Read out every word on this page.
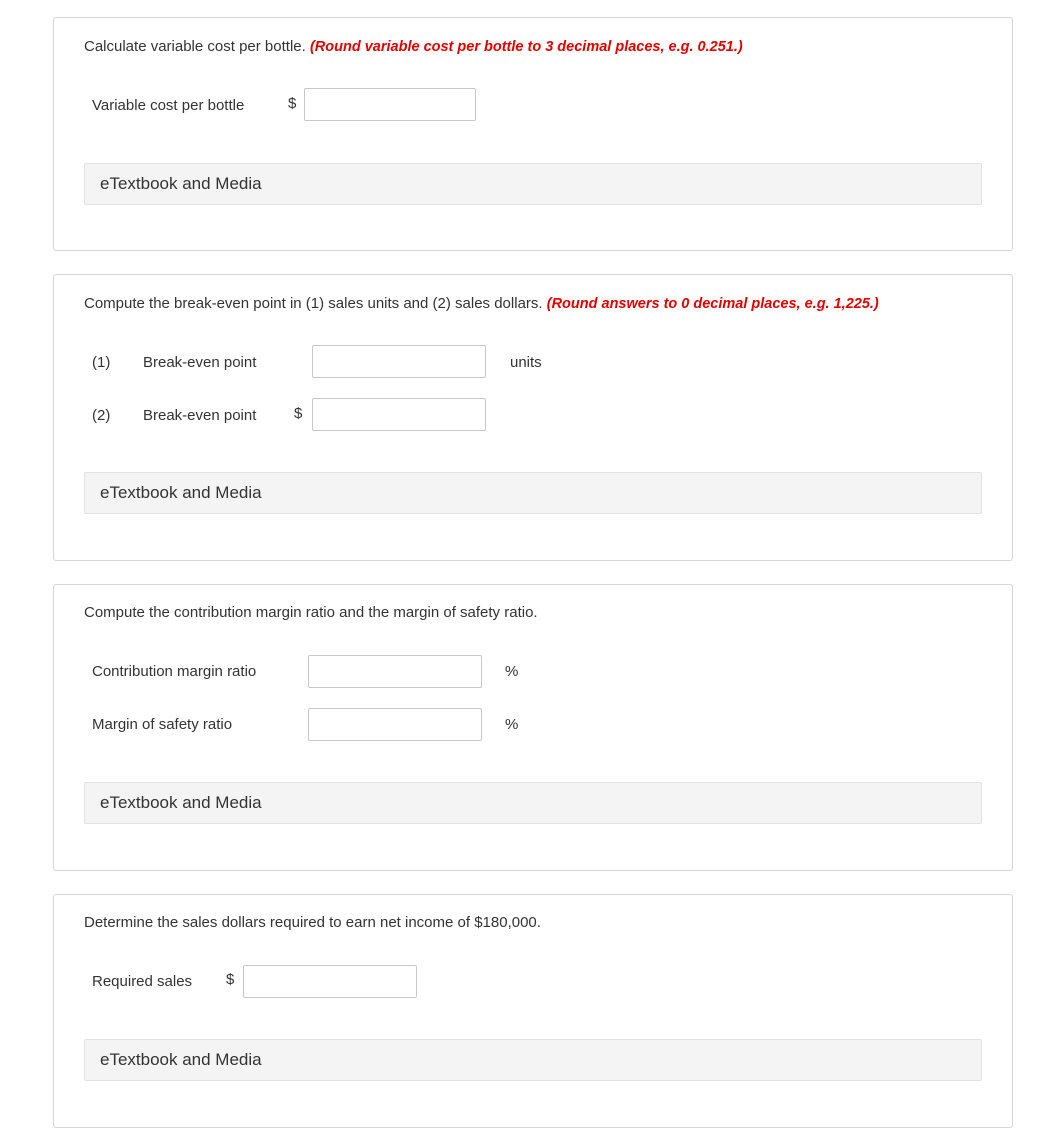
Calculate variable cost per bottle. (Round variable cost per bottle to 3 decimal places, e.g. 0.251.)
Variable cost per bottle	$
eTextbook and Media
Compute the break-even point in (1) sales units and (2) sales dollars. (Round answers to 0 decimal places, e.g. 1,225.)
(1) Break-even point	units
(2) Break-even point	$
eTextbook and Media
Compute the contribution margin ratio and the margin of safety ratio.
Contribution margin ratio	%
Margin of safety ratio	%
eTextbook and Media
Determine the sales dollars required to earn net income of $180,000.
Required sales $
eTextbook and Media
